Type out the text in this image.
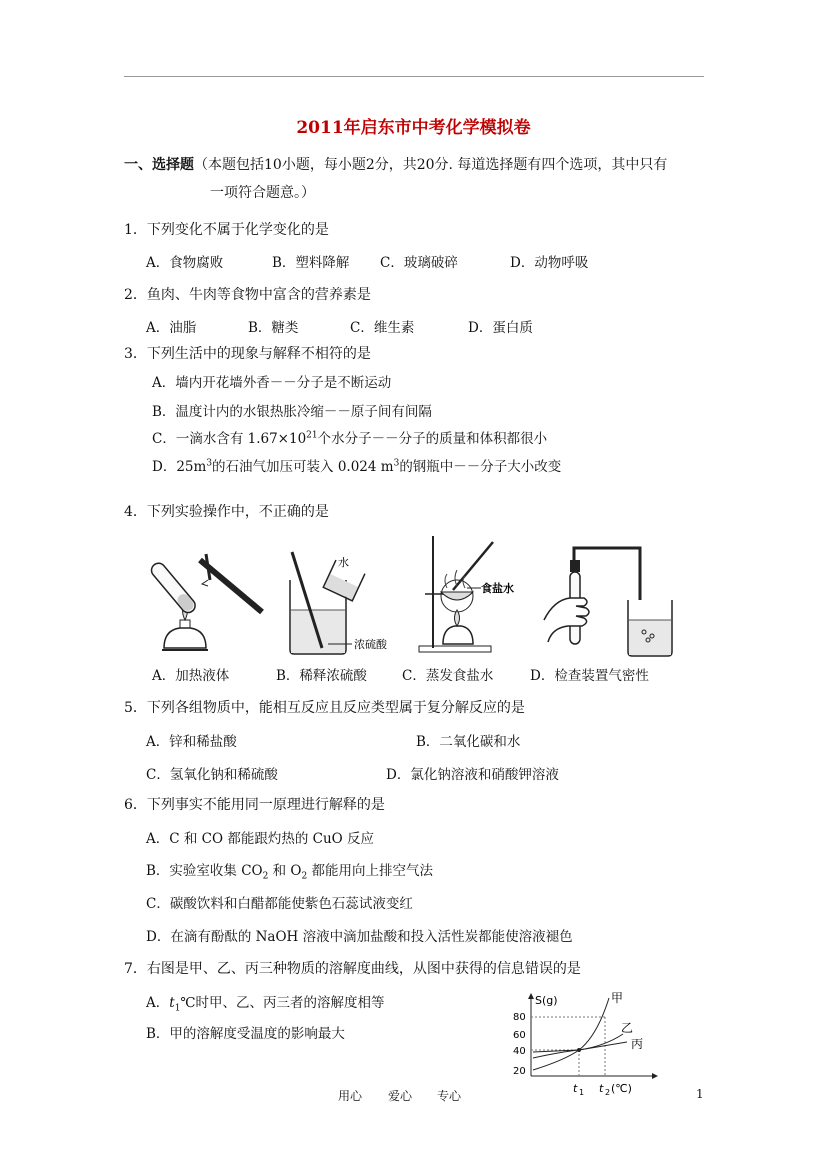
2011年启东市中考化学模拟卷
一、选择题（本题包括10小题，每小题2分，共20分. 每道选择题有四个选项，其中只有
一项符合题意。）
1．下列变化不属于化学变化的是
A．食物腐败	B．塑料降解 C．玻璃破碎	D．动物呼吸
2．鱼肉、牛肉等食物中富含的营养素是
A．油脂	B．糖类	C．维生素	D．蛋白质
3．下列生活中的现象与解释不相符的是
A．墙内开花墙外香－－分子是不断运动
B．温度计内的水银热胀冷缩－－原子间有间隔
C．一滴水含有 $1.67\times 10^{21}$个水分子－－分子的质量和体积都很小
D．$25m^3$的石油气加压可装入 0.024 $m^3$的钢瓶中－－分子大小改变
4．下列实验操作中，不正确的是
水
浓硫酸
食盐水
A．加热液体	B．稀释浓硫酸	C．蒸发食盐水	D．检查装置气密性
5．下列各组物质中，能相互反应且反应类型属于复分解反应的是
A．锌和稀盐酸	B．二氧化碳和水
C．氢氧化钠和稀硫酸	D．氯化钠溶液和硝酸钾溶液
6．下列事实不能用同一原理进行解释的是
A．C 和 CO 都能跟灼热的 CuO 反应
B．实验室收集 $CO_2$ 和 $O_2$ 都能用向上排空气法
C．碳酸饮料和白醋都能使紫色石蕊试液变红
D．在滴有酚酞的 NaOH 溶液中滴加盐酸和投入活性炭都能使溶液褪色
7．右图是甲、乙、丙三种物质的溶解度曲线，从图中获得的信息错误的是
A．$t_1℃$时甲、乙、丙三者的溶解度相等
B．甲的溶解度受温度的影响最大
S(g)
80
60
40
20
甲
乙
丙
t 1 t 2 (℃)
用心 爱心 专心	1
